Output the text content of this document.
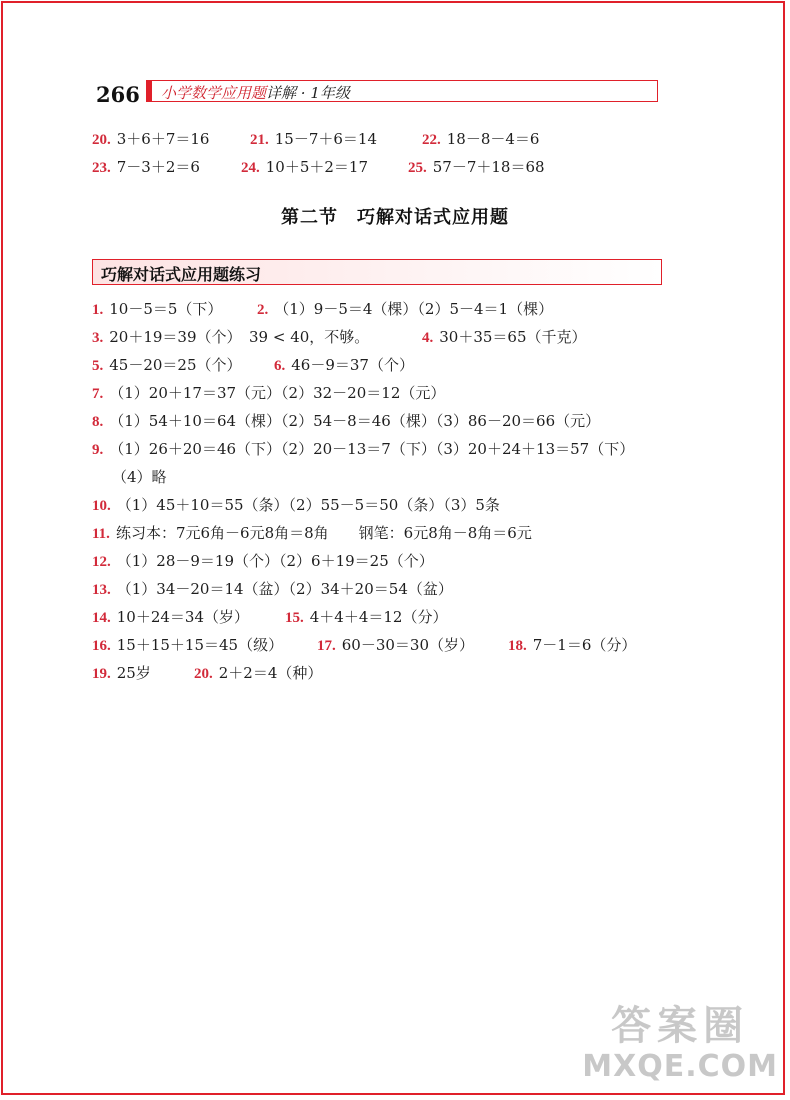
266 小学数学应用题详解 · 1年级
20. 3＋6＋7＝16	21. 15－7＋6＝14	22. 18－8－4＝6
23. 7－3＋2＝6	24. 10＋5＋2＝17	25. 57－7＋18＝68
第二节　巧解对话式应用题
巧解对话式应用题练习
1. 10－5＝5（下） 2. （1）9－5＝4（棵）（2）5－4＝1（棵）
3. 20＋19＝39（个）　39 < 40，不够。	4. 30＋35＝65（千克）
5. 45－20＝25（个） 6. 46－9＝37（个）
7. （1）20＋17＝37（元）（2）32－20＝12（元）
8. （1）54＋10＝64（棵）（2）54－8＝46（棵）（3）86－20＝66（元）
9. （1）26＋20＝46（下）（2）20－13＝7（下）（3）20＋24＋13＝57（下）
（4）略
10. （1）45＋10＝55（条）（2）55－5＝50（条）（3）5条
11. 练习本：7元6角－6元8角＝8角　　钢笔：6元8角－8角＝6元
12. （1）28－9＝19（个）（2）6＋19＝25（个）
13. （1）34－20＝14（盆）（2）34＋20＝54（盆）
14. 10＋24＝34（岁） 15. 4＋4＋4＝12（分）
16. 15＋15＋15＝45（级） 17. 60－30＝30（岁） 18. 7－1＝6（分）
19. 25岁	20. 2＋2＝4（种）
答案圈
MXQE.COM
